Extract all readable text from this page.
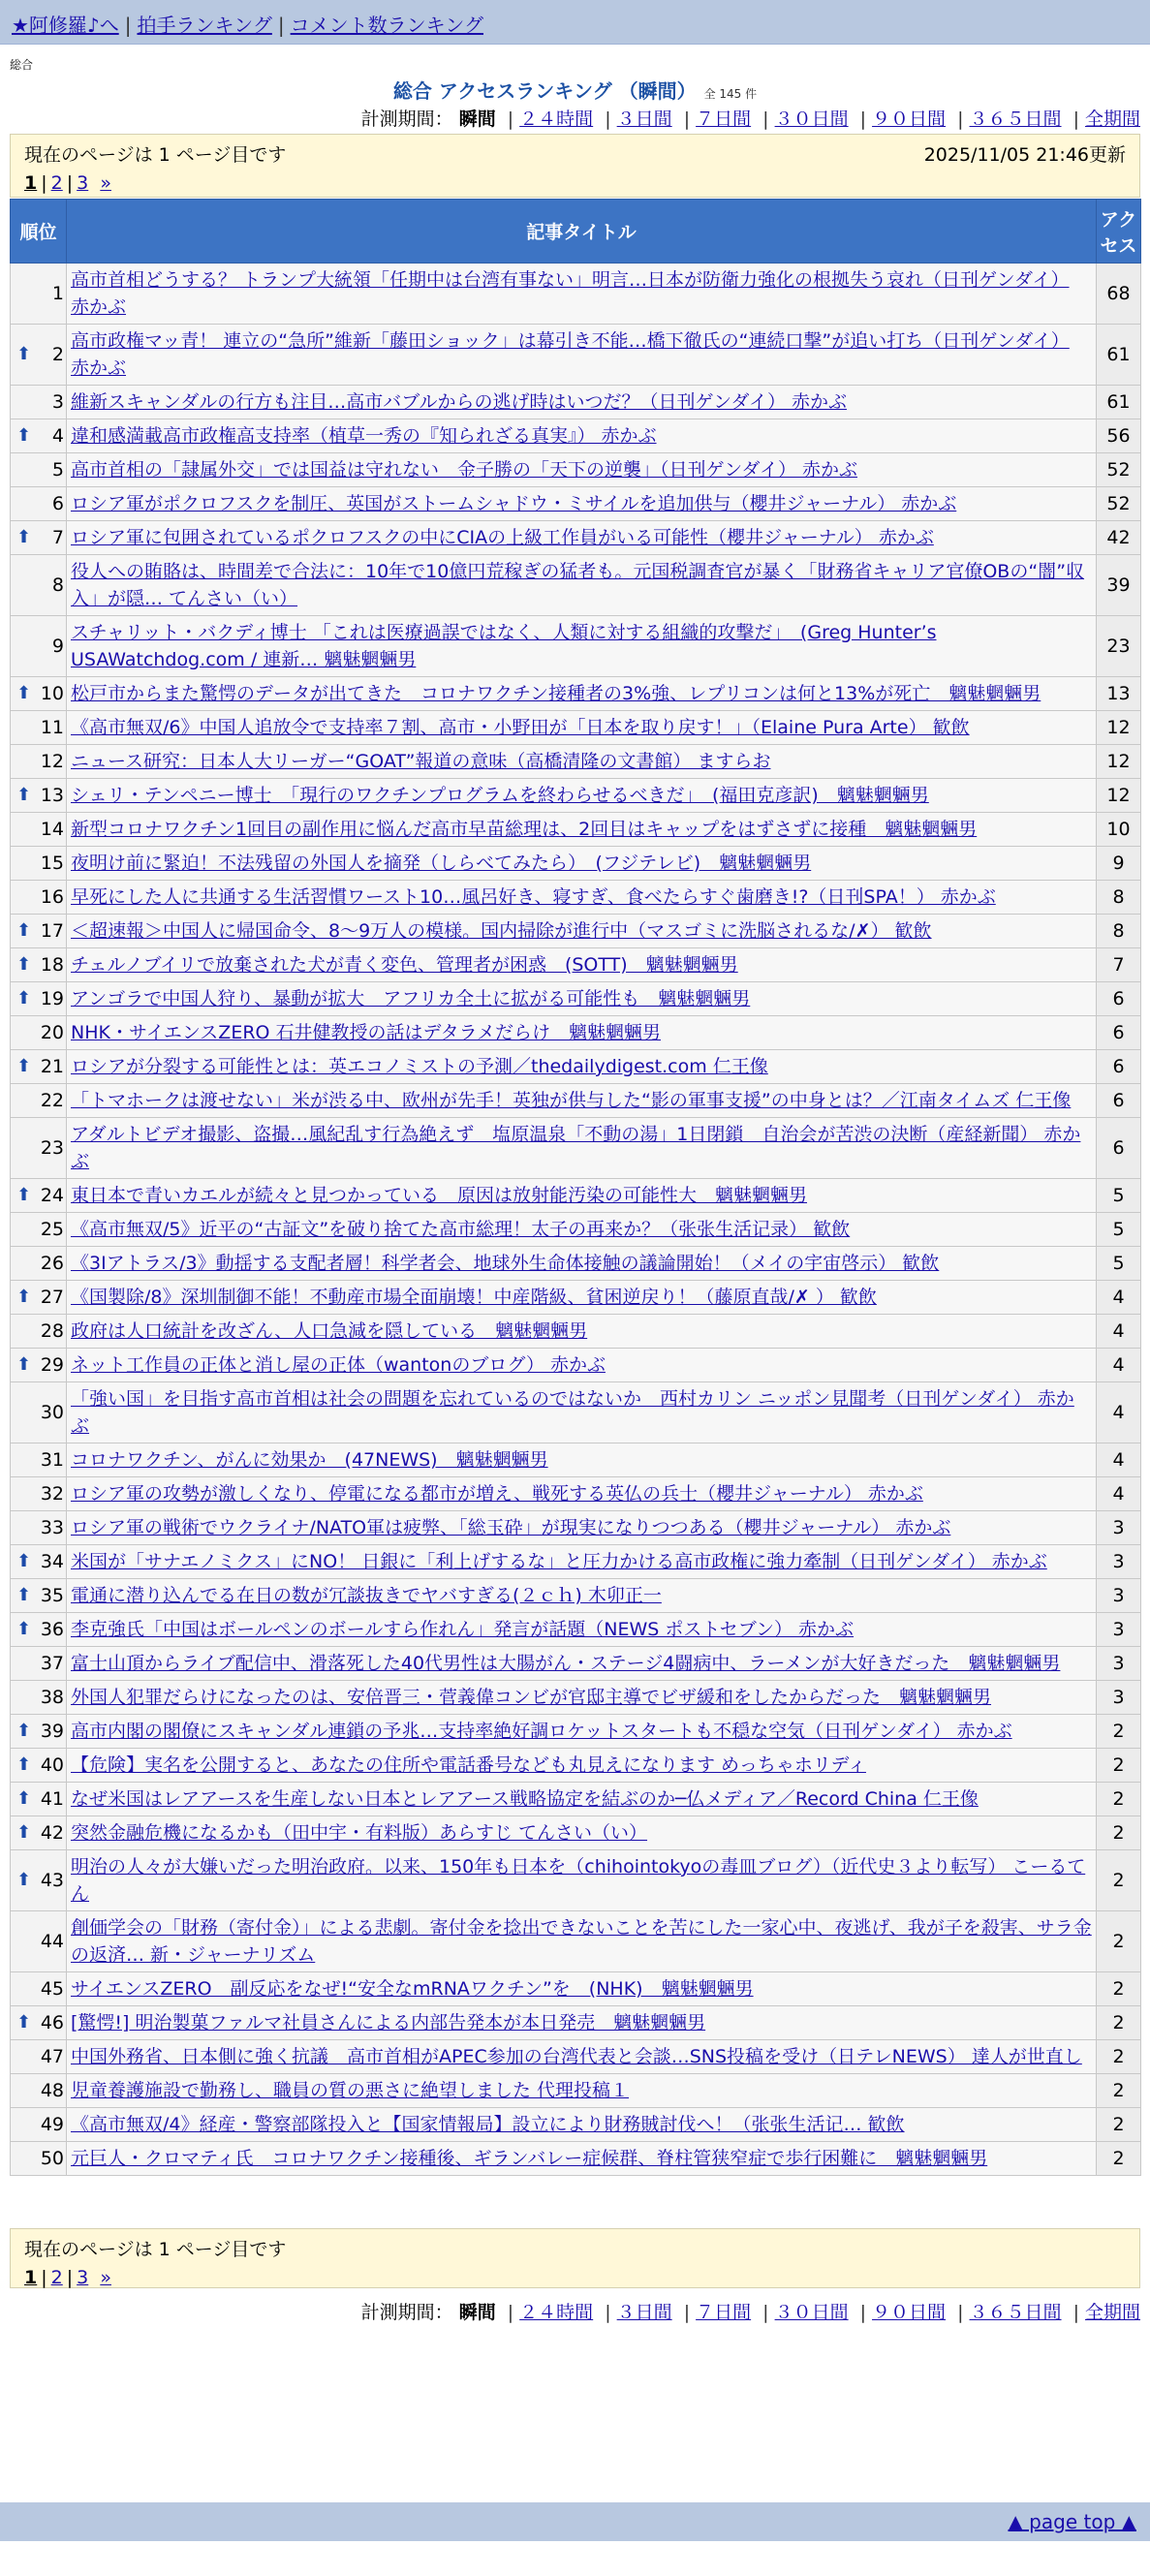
★阿修羅♪へ | 拍手ランキング | コメント数ランキング
総合
総合 アクセスランキング （瞬間） 全 145 件
計測期間： 瞬間 | ２４時間 | ３日間 | ７日間 | ３０日間 | ９０日間 | ３６５日間 | 全期間
現在のページは 1 ページ目です	2025/11/05 21:46更新
1 | 2 | 3 »
順位	記事タイトル	アクセス
1	高市首相どうする？ トランプ大統領「任期中は台湾有事ない」明言…日本が防衛力強化の根拠失う哀れ（日刊ゲンダイ） 赤かぶ	68

⬆ 2	高市政権マッ青！ 連立の“急所”維新「藤田ショック」は幕引き不能…橋下徹氏の“連続口撃”が追い打ち（日刊ゲンダイ） 赤かぶ	61
3	維新スキャンダルの行方も注目…高市バブルからの逃げ時はいつだ？（日刊ゲンダイ） 赤かぶ	61

⬆ 4	違和感満載高市政権高支持率（植草一秀の『知られざる真実』） 赤かぶ	56
5	高市首相の「隷属外交」では国益は守れない　金子勝の「天下の逆襲」（日刊ゲンダイ） 赤かぶ	52
6	ロシア軍がポクロフスクを制圧、英国がストームシャドウ・ミサイルを追加供与（櫻井ジャーナル） 赤かぶ	52

⬆ 7	ロシア軍に包囲されているポクロフスクの中にCIAの上級工作員がいる可能性（櫻井ジャーナル） 赤かぶ	42
8	役人への賄賂は、時間差で合法に：10年で10億円荒稼ぎの猛者も。元国税調査官が暴く「財務省キャリア官僚OBの“闇”収入」が隠… てんさい（い）	39
9	スチャリット・バクディ博士 「これは医療過誤ではなく、人類に対する組織的攻撃だ」　(Greg Hunter’s USAWatchdog.com / 連新… 魑魅魍魎男	23

⬆ 10	松戸市からまた驚愕のデータが出てきた　コロナワクチン接種者の3%強、レプリコンは何と13%が死亡　魑魅魍魎男	13
11	《高市無双/6》中国人追放令で支持率７割、高市・小野田が「日本を取り戻す！」（Elaine Pura Arte） 歓飲	12
12	ニュース研究：日本人大リーガー“GOAT”報道の意味（高橋清隆の文書館） ますらお	12

⬆ 13	シェリ・テンペニー博士　「現行のワクチンプログラムを終わらせるべきだ」　(福田克彦訳)　魑魅魍魎男	12
14	新型コロナワクチン1回目の副作用に悩んだ高市早苗総理は、2回目はキャップをはずさずに接種　魑魅魍魎男	10
15	夜明け前に緊迫！不法残留の外国人を摘発（しらべてみたら）　(フジテレビ)　魑魅魍魎男	9
16	早死にした人に共通する生活習慣ワースト10…風呂好き、寝すぎ、食べたらすぐ歯磨き!?（日刊SPA！） 赤かぶ	8

⬆ 17	＜超速報＞中国人に帰国命令、8～9万人の模様。国内掃除が進行中（マスゴミに洗脳されるな/✗） 歓飲	8

⬆ 18	チェルノブイリで放棄された犬が青く変色、管理者が困惑　(SOTT)　魑魅魍魎男	7

⬆ 19	アンゴラで中国人狩り、暴動が拡大　アフリカ全土に拡がる可能性も　魑魅魍魎男	6
20	NHK・サイエンスZERO 石井健教授の話はデタラメだらけ　魑魅魍魎男	6

⬆ 21	ロシアが分裂する可能性とは：英エコノミストの予測／thedailydigest.com 仁王像	6
22	「トマホークは渡せない」米が渋る中、欧州が先手！英独が供与した“影の軍事支援”の中身とは？／江南タイムズ 仁王像	6
23	アダルトビデオ撮影、盗撮…風紀乱す行為絶えず　塩原温泉「不動の湯」1日閉鎖　自治会が苦渋の決断（産経新聞） 赤かぶ	6

⬆ 24	東日本で青いカエルが続々と見つかっている　原因は放射能汚染の可能性大　魑魅魍魎男	5
25	《高市無双/5》近平の“古証文”を破り捨てた高市総理！太子の再来か？（张张生活记录） 歓飲	5
26	《3Iアトラス/3》動揺する支配者層！科学者会、地球外生命体接触の議論開始！（メイの宇宙啓示） 歓飲	5

⬆ 27	《国製除/8》深圳制御不能！不動産市場全面崩壊！中産階級、貧困逆戻り！（藤原直哉/✗ ） 歓飲	4
28	政府は人口統計を改ざん、人口急減を隠している　魑魅魍魎男	4

⬆ 29	ネット工作員の正体と消し屋の正体（wantonのブログ） 赤かぶ	4
30	「強い国」を目指す高市首相は社会の問題を忘れているのではないか　西村カリン ニッポン見聞考（日刊ゲンダイ） 赤かぶ	4
31	コロナワクチン、がんに効果か　(47NEWS)　魑魅魍魎男	4
32	ロシア軍の攻勢が激しくなり、停電になる都市が増え、戦死する英仏の兵士（櫻井ジャーナル） 赤かぶ	4
33	ロシア軍の戦術でウクライナ/NATO軍は疲弊、「総玉砕」が現実になりつつある（櫻井ジャーナル） 赤かぶ	3

⬆ 34	米国が「サナエノミクス」にNO！ 日銀に「利上げするな」と圧力かける高市政権に強力牽制（日刊ゲンダイ） 赤かぶ	3

⬆ 35	電通に潜り込んでる在日の数が冗談抜きでヤバすぎる(２ｃｈ) 木卯正一	3

⬆ 36	李克強氏「中国はボールペンのボールすら作れん」発言が話題（NEWS ポストセブン） 赤かぶ	3
37	富士山頂からライブ配信中、滑落死した40代男性は大腸がん・ステージ4闘病中、ラーメンが大好きだった　魑魅魍魎男	3
38	外国人犯罪だらけになったのは、安倍晋三・菅義偉コンビが官邸主導でビザ緩和をしたからだった　魑魅魍魎男	3

⬆ 39	高市内閣の閣僚にスキャンダル連鎖の予兆…支持率絶好調ロケットスタートも不穏な空気（日刊ゲンダイ） 赤かぶ	2

⬆ 40	【危険】実名を公開すると、あなたの住所や電話番号なども丸見えになります めっちゃホリディ	2

⬆ 41	なぜ米国はレアアースを生産しない日本とレアアース戦略協定を結ぶのか─仏メディア／Record China 仁王像	2

⬆ 42	突然金融危機になるかも（田中宇・有料版）あらすじ てんさい（い）	2

⬆ 43	明治の人々が大嫌いだった明治政府。以来、150年も日本を（chihointokyoの毒皿ブログ）（近代史３より転写） こーるてん	2
44	創価学会の「財務（寄付金）」による悲劇。寄付金を捻出できないことを苦にした一家心中、夜逃げ、我が子を殺害、サラ金の返済… 新・ジャーナリズム	2
45	サイエンスZERO　副反応をなぜ!“安全なmRNAワクチン”を　(NHK)　魑魅魍魎男	2

⬆ 46	[驚愕!] 明治製菓ファルマ社員さんによる内部告発本が本日発売　魑魅魍魎男	2
47	中国外務省、日本側に強く抗議　高市首相がAPEC参加の台湾代表と会談…SNS投稿を受け（日テレNEWS） 達人が世直し	2
48	児童養護施設で勤務し、職員の質の悪さに絶望しました 代理投稿１	2
49	《高市無双/4》経産・警察部隊投入と【国家情報局】設立により財務賊討伐へ！（张张生活记… 歓飲	2
50	元巨人・クロマティ氏　コロナワクチン接種後、ギランバレー症候群、脊柱管狭窄症で歩行困難に　魑魅魍魎男	2
現在のページは 1 ページ目です
1 | 2 | 3 »
計測期間： 瞬間 | ２４時間 | ３日間 | ７日間 | ３０日間 | ９０日間 | ３６５日間 | 全期間
▲ page top ▲
